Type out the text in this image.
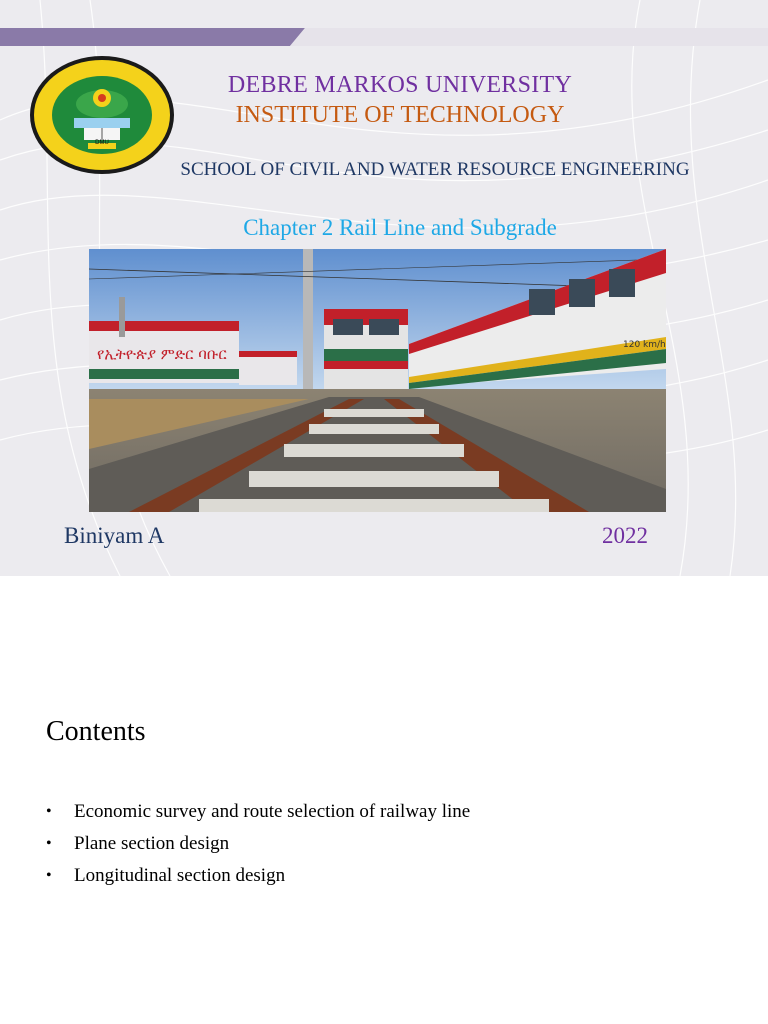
DMU
DEBRE MARKOS UNIVERSITY
INSTITUTE OF TECHNOLOGY
SCHOOL OF CIVIL AND WATER RESOURCE ENGINEERING
Chapter 2 Rail Line and Subgrade
የኢትዮጵያ ምድር ባቡር	120 km/h
Biniyam A	2022
Contents
• Economic survey and route selection of railway line
• Plane section design
• Longitudinal section design
